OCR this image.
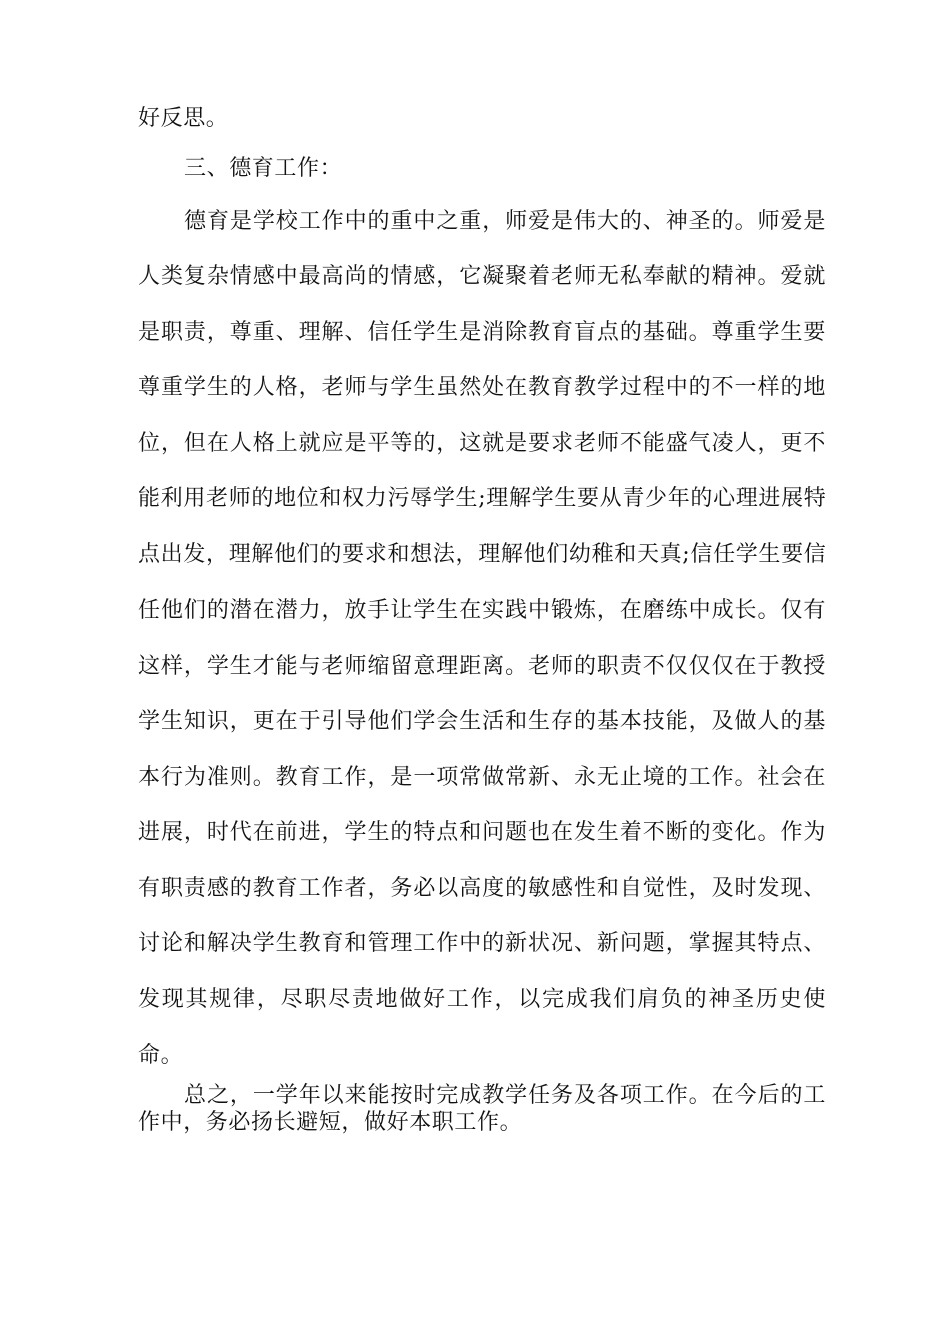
好反思。
三、德育工作：
德育是学校工作中的重中之重，师爱是伟大的、神圣的。师爱是
人类复杂情感中最高尚的情感，它凝聚着老师无私奉献的精神。爱就
是职责，尊重、理解、信任学生是消除教育盲点的基础。尊重学生要
尊重学生的人格，老师与学生虽然处在教育教学过程中的不一样的地
位，但在人格上就应是平等的，这就是要求老师不能盛气凌人，更不
能利用老师的地位和权力污辱学生;理解学生要从青少年的心理进展特
点出发，理解他们的要求和想法，理解他们幼稚和天真;信任学生要信
任他们的潜在潜力，放手让学生在实践中锻炼，在磨练中成长。仅有
这样，学生才能与老师缩留意理距离。老师的职责不仅仅仅在于教授
学生知识，更在于引导他们学会生活和生存的基本技能，及做人的基
本行为准则。教育工作，是一项常做常新、永无止境的工作。社会在
进展，时代在前进，学生的特点和问题也在发生着不断的变化。作为
有职责感的教育工作者，务必以高度的敏感性和自觉性，及时发现、
讨论和解决学生教育和管理工作中的新状况、新问题，掌握其特点、
发现其规律，尽职尽责地做好工作，以完成我们肩负的神圣历史使
命。
总之，一学年以来能按时完成教学任务及各项工作。在今后的工
作中，务必扬长避短，做好本职工作。
